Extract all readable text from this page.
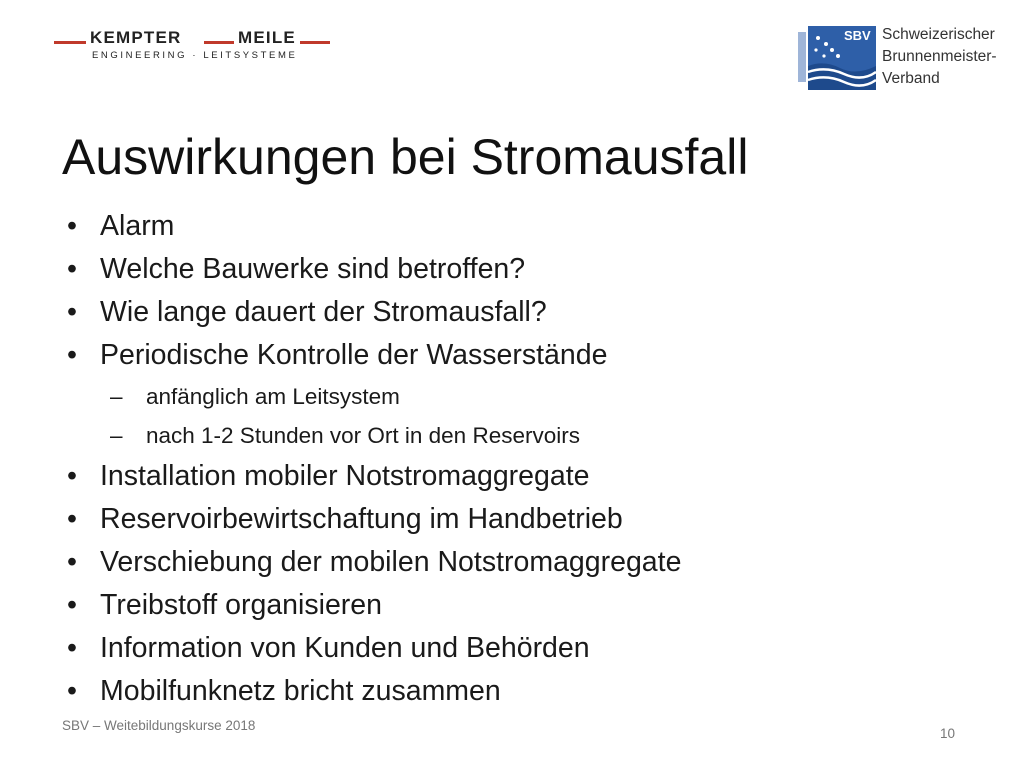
KEMPTER	MEILE
ENGINEERING · LEITSYSTEME
SBV Schweizerischer
Brunnenmeister-
Verband
Auswirkungen bei Stromausfall
• Alarm
• Welche Bauwerke sind betroffen?
• Wie lange dauert der Stromausfall?
• Periodische Kontrolle der Wasserstände
– anfänglich am Leitsystem
– nach 1-2 Stunden vor Ort in den Reservoirs
• Installation mobiler Notstromaggregate
• Reservoirbewirtschaftung im Handbetrieb
• Verschiebung der mobilen Notstromaggregate
• Treibstoff organisieren
• Information von Kunden und Behörden
• Mobilfunknetz bricht zusammen
SBV – Weitebildungskurse 2018
10
